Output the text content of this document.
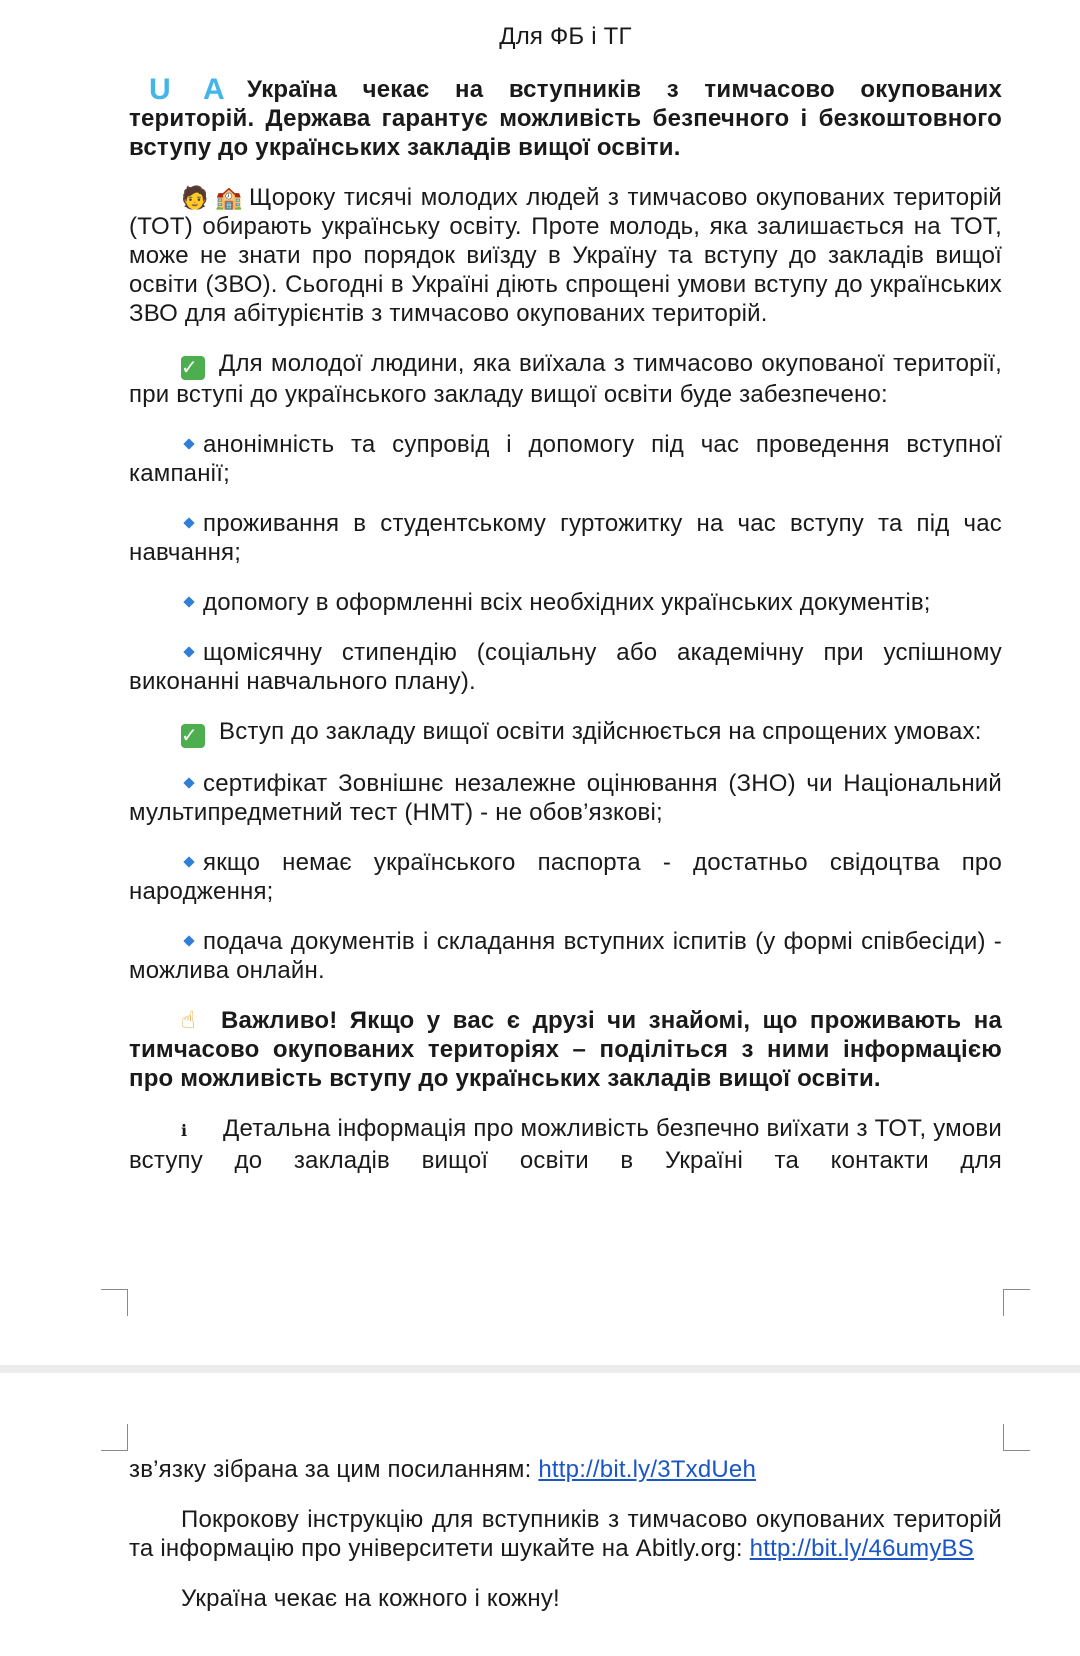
Для ФБ і ТГ

U A Україна чекає на вступників з тимчасово окупованих територій. Держава гарантує можливість безпечного і безкоштовного вступу до українських закладів вищої освіти.

🧑 🏫 Щороку тисячі молодих людей з тимчасово окупованих територій (ТОТ) обирають українську освіту. Проте молодь, яка залишається на ТОТ, може не знати про порядок виїзду в Україну та вступу до закладів вищої освіти (ЗВО). Сьогодні в Україні діють спрощені умови вступу до українських ЗВО для абітурієнтів з тимчасово окупованих територій.

✓ Для молодої людини, яка виїхала з тимчасово окупованої території, при вступі до українського закладу вищої освіти буде забезпечено:

анонімність та супровід і допомогу під час проведення вступної кампанії;

проживання в студентському гуртожитку на час вступу та під час навчання;

допомогу в оформленні всіх необхідних українських документів;

щомісячну стипендію (соціальну або академічну при успішному виконанні навчального плану).

✓ Вступ до закладу вищої освіти здійснюється на спрощених умовах:

сертифікат Зовнішнє незалежне оцінювання (ЗНО) чи Національний мультипредметний тест (НМТ) - не обов’язкові;

якщо немає українського паспорта - достатньо свідоцтва про народження;

подача документів і складання вступних іспитів (у формі співбесіди) - можлива онлайн.

☝ Важливо! Якщо у вас є друзі чи знайомі, що проживають на тимчасово окупованих територіях – поділіться з ними інформацією про можливість вступу до українських закладів вищої освіти.

ℹ Детальна інформація про можливість безпечно виїхати з ТОТ, умови вступу до закладів вищої освіти в Україні та контакти для

зв’язку зібрана за цим посиланням: http://bit.ly/3TxdUeh

Покрокову інструкцію для вступників з тимчасово окупованих територій та інформацію про університети шукайте на Abitly.org: http://bit.ly/46umyBS

Україна чекає на кожного і кожну!
